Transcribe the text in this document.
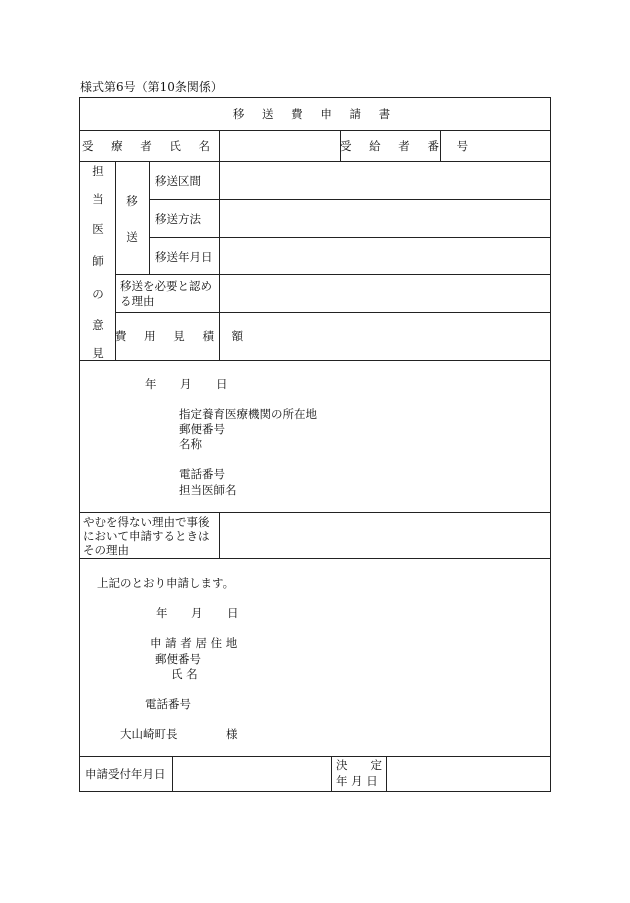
様式第6号（第10条関係）
移 送 費 申 請 書
受 療 者 氏 名	受 給 者 番 号
担
当
医
師
の
意
見
移
送
移送区間
移送方法
移送年月日
移送を必要と認め
る理由
費 用 見 積 額
年 月 日
指定養育医療機関の所在地
郵便番号
名称
電話番号
担当医師名
やむを得ない理由で事後
において申請するときは
その理由
上記のとおり申請します。
年 月 日
申 請 者 居 住 地
郵便番号
氏 名
電話番号
大山崎町長	様
申請受付年月日
決　　定
年 月 日
